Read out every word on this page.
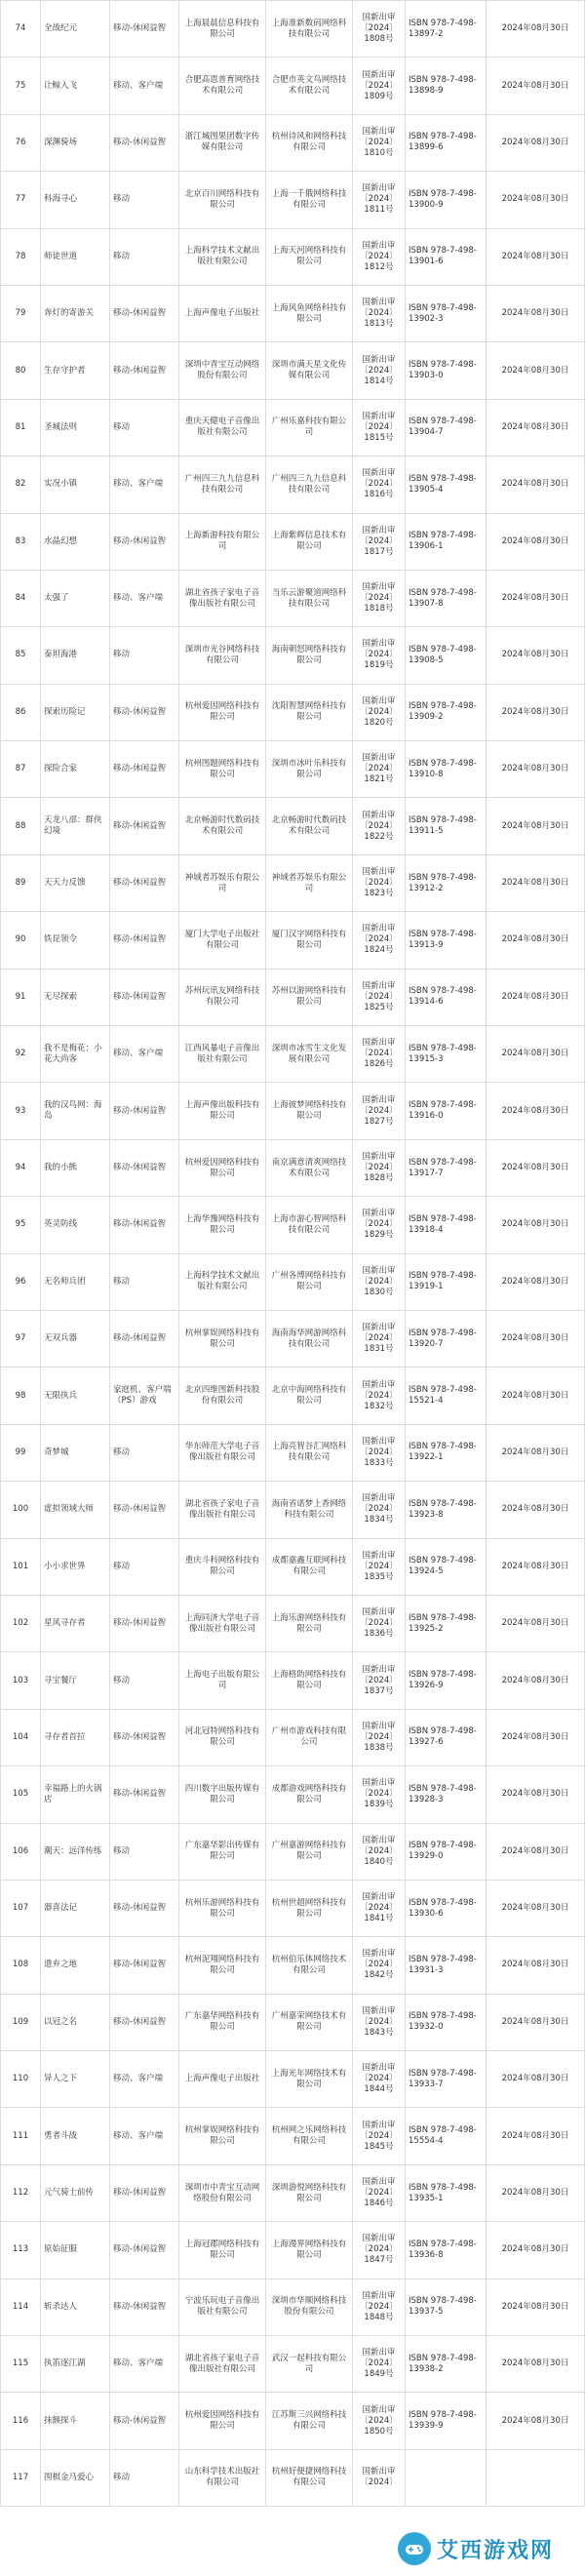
74	全战纪元	移动-休闲益智	上海晨晨信息科技有限公司	上海准新数码网络科技有限公司	国新出审〔2024〕1808号	ISBN 978-7-498-13897-2	2024年08月30日
75	让鲸入飞	移动、客户端	合肥高恩普育网络技术有限公司	合肥市英文鸟网络技术有限公司	国新出审〔2024〕1809号	ISBN 978-7-498-13898-9	2024年08月30日
76	深渊骑场	移动-休闲益智	浙江城图果团数字传媒有限公司	杭州诗风和网络科技有限公司	国新出审〔2024〕1810号	ISBN 978-7-498-13899-6	2024年08月30日
77	科海寻心	移动	北京百川网络科技有限公司	上海一千俄网络科技有限公司	国新出审〔2024〕1811号	ISBN 978-7-498-13900-9	2024年08月30日
78	师徒世道	移动	上海科学技术文献出版社有限公司	上海天河网络科技有限公司	国新出审〔2024〕1812号	ISBN 978-7-498-13901-6	2024年08月30日
79	奔灯的寄游关	移动-休闲益智	上海声像电子出版社	上海风鱼网络科技有限公司	国新出审〔2024〕1813号	ISBN 978-7-498-13902-3	2024年08月30日
80	生存守护者	移动-休闲益智	深圳中青宝互动网络股份有限公司	深圳市满天星文化传媒有限公司	国新出审〔2024〕1814号	ISBN 978-7-498-13903-0	2024年08月30日
81	圣城法则	移动	重庆天健电子音像出版社有限公司	广州乐嘉科技有限公司	国新出审〔2024〕1815号	ISBN 978-7-498-13904-7	2024年08月30日
82	实况小镇	移动、客户端	广州四三九九信息科技有限公司	广州四三九九信息科技有限公司	国新出审〔2024〕1816号	ISBN 978-7-498-13905-4	2024年08月30日
83	水晶幻想	移动-休闲益智	上海新游科技有限公司	上海紫辉信息技术有限公司	国新出审〔2024〕1817号	ISBN 978-7-498-13906-1	2024年08月30日
84	太强了	移动、客户端	湖北省孩子家电子音像出版社有限公司	当乐云游聚道网络科技有限公司	国新出审〔2024〕1818号	ISBN 978-7-498-13907-8	2024年08月30日
85	泰坦海港	移动	深圳市光谷网络科技有限公司	海南朝怒网络科技有限公司	国新出审〔2024〕1819号	ISBN 978-7-498-13908-5	2024年08月30日
86	探索历险记	移动-休闲益智	杭州爱因网络科技有限公司	沈阳智慧网络科技有限公司	国新出审〔2024〕1820号	ISBN 978-7-498-13909-2	2024年08月30日
87	探险合家	移动-休闲益智	杭州图题网络科技有限公司	深圳市冰叶乐科技有限公司	国新出审〔2024〕1821号	ISBN 978-7-498-13910-8	2024年08月30日
88	天龙八部：群侠幻境	移动-休闲益智	北京畅游时代数码技术有限公司	北京畅游时代数码技术有限公司	国新出审〔2024〕1822号	ISBN 978-7-498-13911-5	2024年08月30日
89	天天力反馈	移动-休闲益智	神域者苏娱乐有限公司	神域者苏娱乐有限公司	国新出审〔2024〕1823号	ISBN 978-7-498-13912-2	2024年08月30日
90	铁昆领令	移动-休闲益智	厦门大学电子出版社有限公司	厦门汉字网络科技有限公司	国新出审〔2024〕1824号	ISBN 978-7-498-13913-9	2024年08月30日
91	无尽探索	移动-休闲益智	苏州玩讯友网络科技有限公司	苏州以游网络科技有限公司	国新出审〔2024〕1825号	ISBN 978-7-498-13914-6	2024年08月30日
92	我不是梅花：小花大尚客	移动、客户端	江西风暴电子音像出版社有限公司	深圳市冰雪生文化发展有限公司	国新出审〔2024〕1826号	ISBN 978-7-498-13915-3	2024年08月30日
93	我的汉鸟网：海岛	移动-休闲益智	上海声像出版科技有限公司	上海彼梦网络科技有限公司	国新出审〔2024〕1827号	ISBN 978-7-498-13916-0	2024年08月30日
94	我的小熊	移动-休闲益智	杭州爱因网络科技有限公司	南京满意清爽网络技术有限公司	国新出审〔2024〕1828号	ISBN 978-7-498-13917-7	2024年08月30日
95	英灵防线	移动-休闲益智	上海华豫网络科技有限公司	上海市游心智网络科技有限公司	国新出审〔2024〕1829号	ISBN 978-7-498-13918-4	2024年08月30日
96	无名师兵团	移动	上海科学技术文献出版社有限公司	广州各博网络科技有限公司	国新出审〔2024〕1830号	ISBN 978-7-498-13919-1	2024年08月30日
97	无双兵器	移动-休闲益智	杭州掌娱网络科技有限公司	海南海华网游网络科技有限公司	国新出审〔2024〕1831号	ISBN 978-7-498-13920-7	2024年08月30日
98	无限执兵	家庭机、客户端（PS）游戏	北京四维图新科技股份有限公司	北京中海网络科技有限公司	国新出审〔2024〕1832号	ISBN 978-7-498-15521-4	2024年08月30日
99	奇梦城	移动	华东师范大学电子音像出版社有限公司	上海亮智谷汇网络科技有限公司	国新出审〔2024〕1833号	ISBN 978-7-498-13922-1	2024年08月30日
100	虚拟领域大师	移动-休闲益智	湖北省孩子家电子音像出版社有限公司	海南省诺梦上香网络科技有限公司	国新出审〔2024〕1834号	ISBN 978-7-498-13923-8	2024年08月30日
101	小小求世界	移动	重庆斗科网络科技有限公司	成都嘉鑫互联网科技有限公司	国新出审〔2024〕1835号	ISBN 978-7-498-13924-5	2024年08月30日
102	星风寻存者	移动-休闲益智	上海同济大学电子音像出版社有限公司	上海乐游网络科技有限公司	国新出审〔2024〕1836号	ISBN 978-7-498-13925-2	2024年08月30日
103	寻宝餐厅	移动	上海电子出版有限公司	上海格助网络科技有限公司	国新出审〔2024〕1837号	ISBN 978-7-498-13926-9	2024年08月30日
104	寻存者首拉	移动-休闲益智	河北冠特网络科技有限公司	广州市游戏科技有限公司	国新出审〔2024〕1838号	ISBN 978-7-498-13927-6	2024年08月30日
105	幸福路上的火锅店	移动-休闲益智	四川数字出版传媒有限公司	成都游戏网络科技有限公司	国新出审〔2024〕1839号	ISBN 978-7-498-13928-3	2024年08月30日
106	潮天：远洋传练	移动	广东嘉华影出传媒有限公司	广州嘉游网络科技有限公司	国新出审〔2024〕1840号	ISBN 978-7-498-13929-0	2024年08月30日
107	器喜法记	移动-休闲益智	杭州乐游网络科技有限公司	杭州世超网络科技有限公司	国新出审〔2024〕1841号	ISBN 978-7-498-13930-6	2024年08月30日
108	遗弃之地	移动-休闲益智	杭州泥翔网络科技有限公司	杭州伯乐体网络技术有限公司	国新出审〔2024〕1842号	ISBN 978-7-498-13931-3	2024年08月30日
109	以冠之名	移动-休闲益智	广东嘉华网络科技有限公司	广州嘉荣网络技术有限公司	国新出审〔2024〕1843号	ISBN 978-7-498-13932-0	2024年08月30日
110	异人之下	移动、客户端	上海声像电子出版社	上海光年网络技术有限公司	国新出审〔2024〕1844号	ISBN 978-7-498-13933-7	2024年08月30日
111	勇者斗战	移动、客户端	杭州掌娱网络科技有限公司	杭州网之乐网络科技有限公司	国新出审〔2024〕1845号	ISBN 978-7-498-15554-4	2024年08月30日
112	元气骑士前传	移动-休闲益智	深圳市中青宝互动网络股份有限公司	深圳游悦网络科技有限公司	国新出审〔2024〕1846号	ISBN 978-7-498-13935-1	2024年08月30日
113	原始征服	移动-休闲益智	上海冠郡网络科技有限公司	上海漫界网络科技有限公司	国新出审〔2024〕1847号	ISBN 978-7-498-13936-8	2024年08月30日
114	斩杀达人	移动-休闲益智	宁波乐玩电子音像出版社有限公司	深圳市华顺网络科技股份有限公司	国新出审〔2024〕1848号	ISBN 978-7-498-13937-5	2024年08月30日
115	执笛逐江湖	移动、客户端	湖北省孩子家电子音像出版社有限公司	武汉一起科技有限公司	国新出审〔2024〕1849号	ISBN 978-7-498-13938-2	2024年08月30日
116	抹额探斗	移动-休闲益智	杭州爱因网络科技有限公司	江苏斯三兴网络科技有限公司	国新出审〔2024〕1850号	ISBN 978-7-498-13939-9	2024年08月30日
117	围棋金马爱心	移动	山东科学技术出版社有限公司	杭州好便捷网络科技有限公司	国新出审〔2024〕		
艾西游戏网
